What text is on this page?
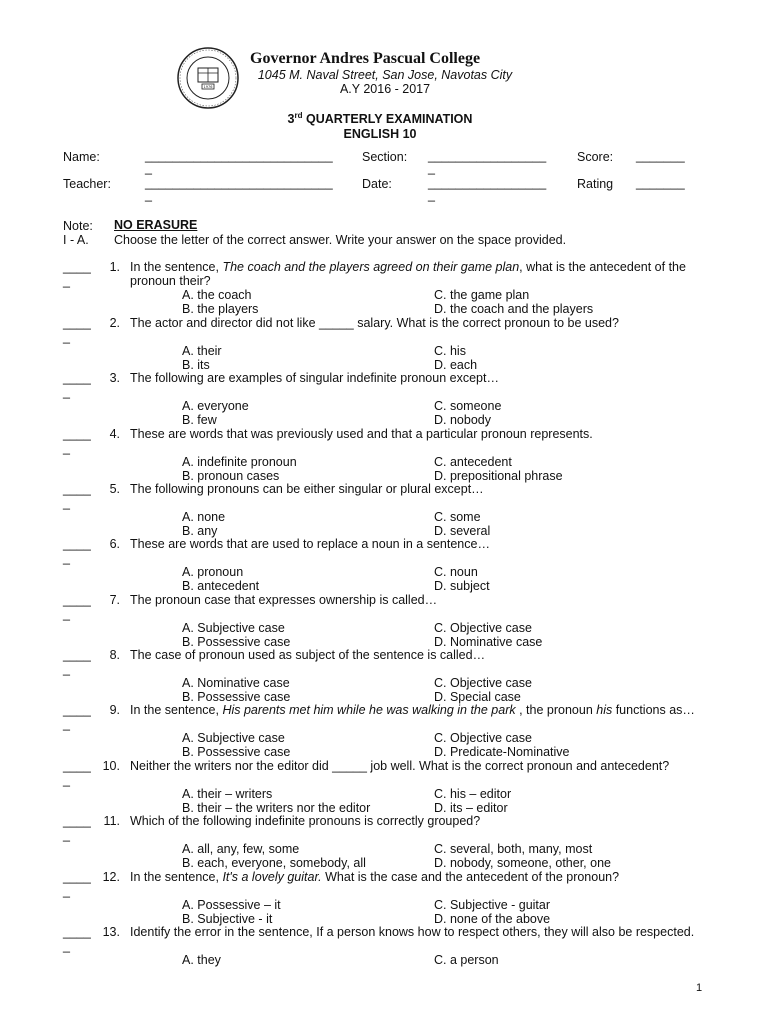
1976
Governor Andres Pascual College
1045 M. Naval Street, San Jose, Navotas City
A.Y 2016 - 2017
3rd QUARTERLY EXAMINATION
ENGLISH 10
Name:	___________________________
_
Section: _________________
_
Score: _______
Teacher:	___________________________
_
Date:	_________________
_
Rating _______
Note: NO ERASURE
I - A. Choose the letter of the correct answer. Write your answer on the space provided.
____
_
1. In the sentence, The coach and the players agreed on their game plan, what is the antecedent of the pronoun their?
A. the coach	C. the game plan
B. the players	D. the coach and the players
____
_
2. The actor and director did not like _____ salary. What is the correct pronoun to be used?
A. their	C. his
B. its	D. each
____
_
3. The following are examples of singular indefinite pronoun except…
A. everyone	C. someone
B. few	D. nobody
____
_
4. These are words that was previously used and that a particular pronoun represents.
A. indefinite pronoun	C. antecedent
B. pronoun cases	D. prepositional phrase
____
_
5. The following pronouns can be either singular or plural except…
A. none	C. some
B. any	D. several
____
_
6. These are words that are used to replace a noun in a sentence…
A. pronoun	C. noun
B. antecedent	D. subject
____
_
7. The pronoun case that expresses ownership is called…
A. Subjective case	C. Objective case
B. Possessive case	D. Nominative case
____
_
8. The case of pronoun used as subject of the sentence is called…
A. Nominative case	C. Objective case
B. Possessive case	D. Special case
____
_
9. In the sentence, His parents met him while he was walking in the park , the pronoun his functions as…
A. Subjective case	C. Objective case
B. Possessive case	D. Predicate-Nominative
____
_
10. Neither the writers nor the editor did _____ job well. What is the correct pronoun and antecedent?
A. their – writers	C. his – editor
B. their – the writers nor the editor	D. its – editor
____
_
11. Which of the following indefinite pronouns is correctly grouped?
A. all, any, few, some	C. several, both, many, most
B. each, everyone, somebody, all	D. nobody, someone, other, one
____
_
12. In the sentence, It's a lovely guitar. What is the case and the antecedent of the pronoun?
A. Possessive – it	C. Subjective - guitar
B. Subjective - it	D. none of the above
____
_
13. Identify the error in the sentence, If a person knows how to respect others, they will also be respected.
A. they	C. a person
1
